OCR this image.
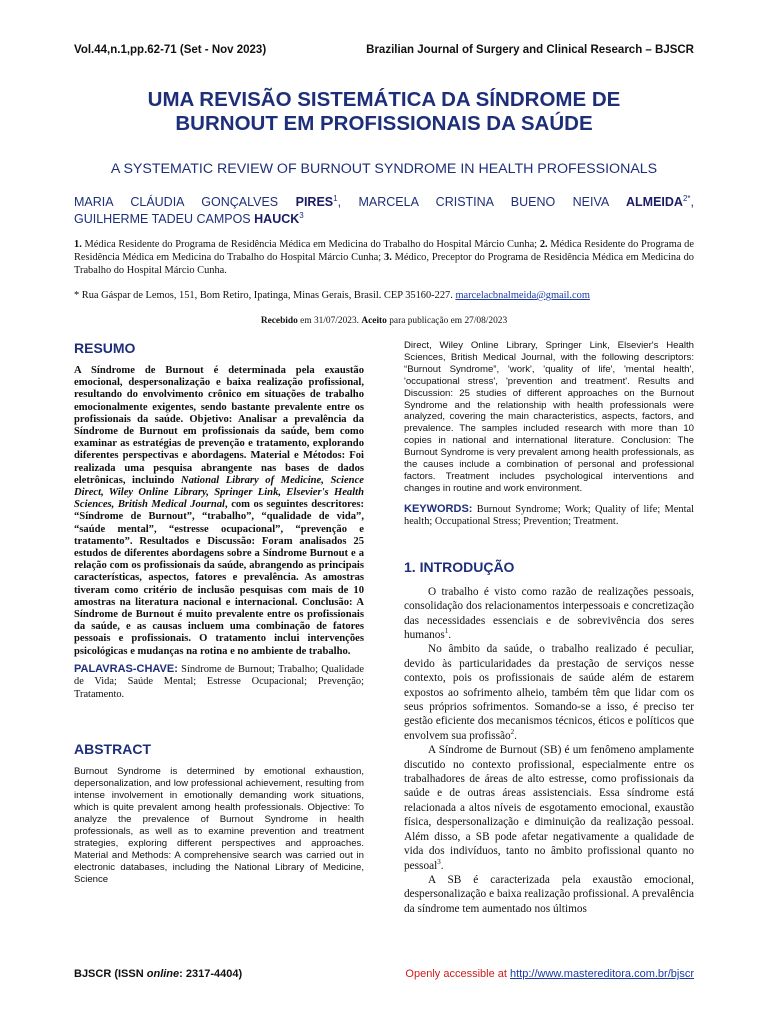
Vol.44,n.1,pp.62-71 (Set - Nov 2023)	Brazilian Journal of Surgery and Clinical Research – BJSCR
UMA REVISÃO SISTEMÁTICA DA SÍNDROME DE
BURNOUT EM PROFISSIONAIS DA SAÚDE
A SYSTEMATIC REVIEW OF BURNOUT SYNDROME IN HEALTH PROFESSIONALS
MARIA CLÁUDIA GONÇALVES PIRES$^1$, MARCELA CRISTINA BUENO NEIVA $ALMEIDA^{2*}$,
GUILHERME TADEU CAMPOS HAUCK$^3$
1. Médica Residente do Programa de Residência Médica em Medicina do Trabalho do Hospital Márcio Cunha; 2. Médica Residente do Programa de Residência Médica em Medicina do Trabalho do Hospital Márcio Cunha; 3. Médico, Preceptor do Programa de Residência Médica em Medicina do Trabalho do Hospital Márcio Cunha.
* Rua Gáspar de Lemos, 151, Bom Retiro, Ipatinga, Minas Gerais, Brasil. CEP 35160-227. marcelacbnalmeida@gmail.com
Recebido em 31/07/2023. Aceito para publicação em 27/08/2023
RESUMO
A Síndrome de Burnout é determinada pela exaustão emocional, despersonalização e baixa realização profissional, resultando do envolvimento crônico em situações de trabalho emocionalmente exigentes, sendo bastante prevalente entre os profissionais da saúde. Objetivo: Analisar a prevalência da Síndrome de Burnout em profissionais da saúde, bem como examinar as estratégias de prevenção e tratamento, explorando diferentes perspectivas e abordagens. Material e Métodos: Foi realizada uma pesquisa abrangente nas bases de dados eletrônicas, incluindo National Library of Medicine, Science Direct, Wiley Online Library, Springer Link, Elsevier's Health Sciences, British Medical Journal, com os seguintes descritores: “Síndrome de Burnout”, “trabalho”, “qualidade de vida”, “saúde mental”, “estresse ocupacional”, “prevenção e tratamento”. Resultados e Discussão: Foram analisados 25 estudos de diferentes abordagens sobre a Síndrome Burnout e a relação com os profissionais da saúde, abrangendo as principais características, aspectos, fatores e prevalência. As amostras tiveram como critério de inclusão pesquisas com mais de 10 amostras na literatura nacional e internacional. Conclusão: A Síndrome de Burnout é muito prevalente entre os profissionais da saúde, e as causas incluem uma combinação de fatores pessoais e profissionais. O tratamento inclui intervenções psicológicas e mudanças na rotina e no ambiente de trabalho.
PALAVRAS-CHAVE: Síndrome de Burnout; Trabalho; Qualidade de Vida; Saúde Mental; Estresse Ocupacional; Prevenção; Tratamento.
ABSTRACT
Burnout Syndrome is determined by emotional exhaustion, depersonalization, and low professional achievement, resulting from intense involvement in emotionally demanding work situations, which is quite prevalent among health professionals. Objective: To analyze the prevalence of Burnout Syndrome in health professionals, as well as to examine prevention and treatment strategies, exploring different perspectives and approaches. Material and Methods: A comprehensive search was carried out in electronic databases, including the National Library of Medicine, Science
Direct, Wiley Online Library, Springer Link, Elsevier's Health Sciences, British Medical Journal, with the following descriptors: “Burnout Syndrome”, 'work', 'quality of life', 'mental health', 'occupational stress', 'prevention and treatment'. Results and Discussion: 25 studies of different approaches on the Burnout Syndrome and the relationship with health professionals were analyzed, covering the main characteristics, aspects, factors, and prevalence. The samples included research with more than 10 copies in national and international literature. Conclusion: The Burnout Syndrome is very prevalent among health professionals, as the causes include a combination of personal and professional factors. Treatment includes psychological interventions and changes in routine and work environment.
KEYWORDS: Burnout Syndrome; Work; Quality of life; Mental health; Occupational Stress; Prevention; Treatment.
1. INTRODUÇÃO

O trabalho é visto como razão de realizações pessoais, consolidação dos relacionamentos interpessoais e concretização das necessidades essenciais e de sobrevivência dos seres humanos$^1$.

No âmbito da saúde, o trabalho realizado é peculiar, devido às particularidades da prestação de serviços nesse contexto, pois os profissionais de saúde além de estarem expostos ao sofrimento alheio, também têm que lidar com os seus próprios sofrimentos. Somando-se a isso, é preciso ter gestão eficiente dos mecanismos técnicos, éticos e políticos que envolvem sua profissão$^2$.

A Síndrome de Burnout (SB) é um fenômeno amplamente discutido no contexto profissional, especialmente entre os trabalhadores de áreas de alto estresse, como profissionais da saúde e de outras áreas assistenciais. Essa síndrome está relacionada a altos níveis de esgotamento emocional, exaustão física, despersonalização e diminuição da realização pessoal. Além disso, a SB pode afetar negativamente a qualidade de vida dos indivíduos, tanto no âmbito profissional quanto no pessoal$^3$.

A SB é caracterizada pela exaustão emocional, despersonalização e baixa realização profissional. A prevalência da síndrome tem aumentado nos últimos

BJSCR (ISSN online: 2317-4404)	Openly accessible at http://www.mastereditora.com.br/bjscr
